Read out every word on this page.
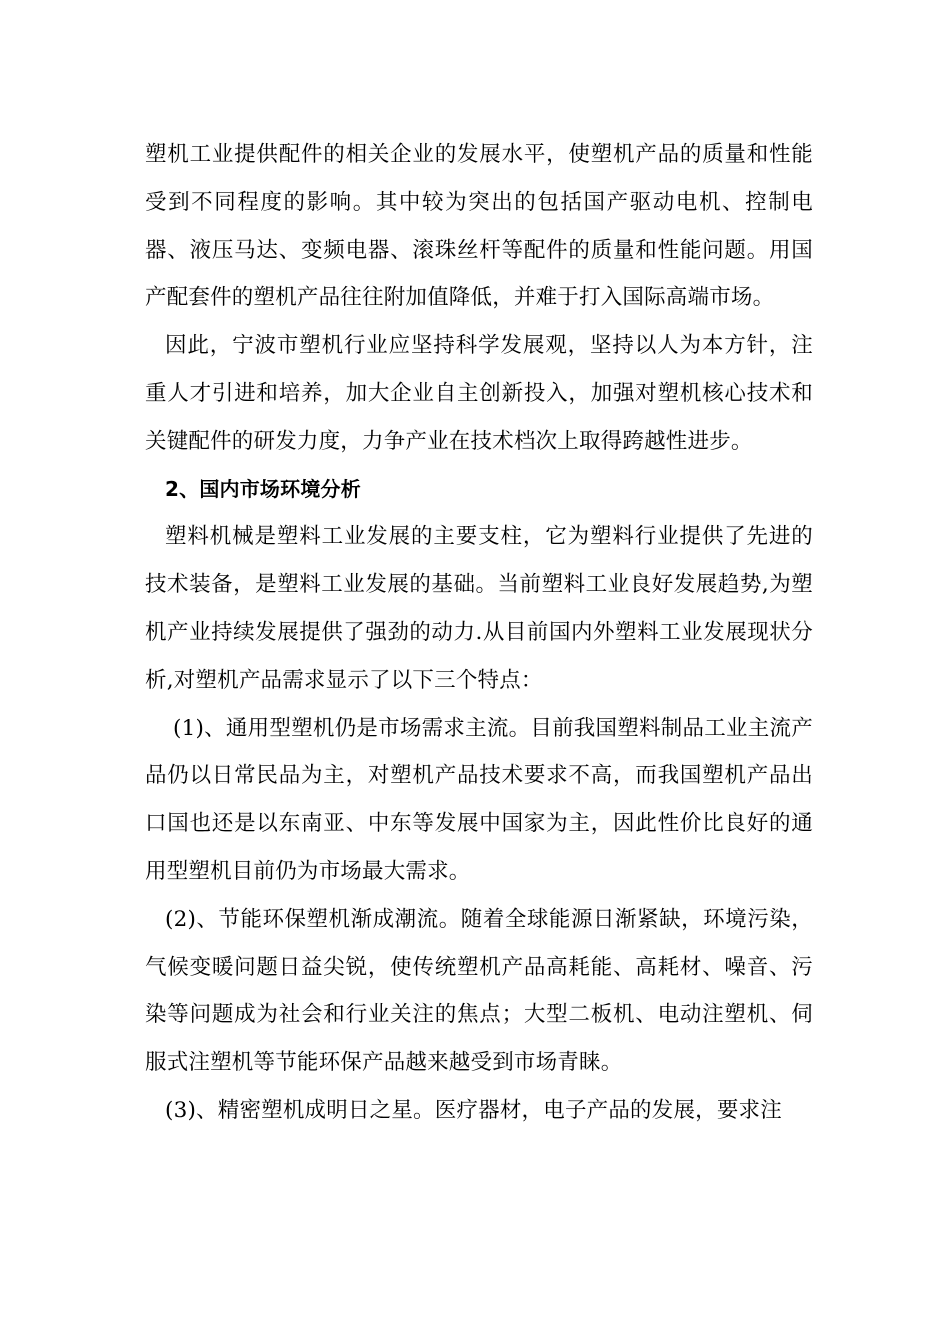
塑机工业提供配件的相关企业的发展水平，使塑机产品的质量和性能受到不同程度的影响。其中较为突出的包括国产驱动电机、控制电器、液压马达、变频电器、滚珠丝杆等配件的质量和性能问题。用国产配套件的塑机产品往往附加值降低，并难于打入国际高端市场。

因此，宁波市塑机行业应坚持科学发展观，坚持以人为本方针，注重人才引进和培养，加大企业自主创新投入，加强对塑机核心技术和关键配件的研发力度，力争产业在技术档次上取得跨越性进步。

2、国内市场环境分析

塑料机械是塑料工业发展的主要支柱，它为塑料行业提供了先进的技术装备，是塑料工业发展的基础。当前塑料工业良好发展趋势,为塑机产业持续发展提供了强劲的动力.从目前国内外塑料工业发展现状分析,对塑机产品需求显示了以下三个特点：

(1)、通用型塑机仍是市场需求主流。目前我国塑料制品工业主流产品仍以日常民品为主，对塑机产品技术要求不高，而我国塑机产品出口国也还是以东南亚、中东等发展中国家为主，因此性价比良好的通用型塑机目前仍为市场最大需求。

(2)、节能环保塑机渐成潮流。随着全球能源日渐紧缺，环境污染，气候变暖问题日益尖锐，使传统塑机产品高耗能、高耗材、噪音、污染等问题成为社会和行业关注的焦点；大型二板机、电动注塑机、伺服式注塑机等节能环保产品越来越受到市场青睐。

(3)、精密塑机成明日之星。医疗器材，电子产品的发展，要求注
